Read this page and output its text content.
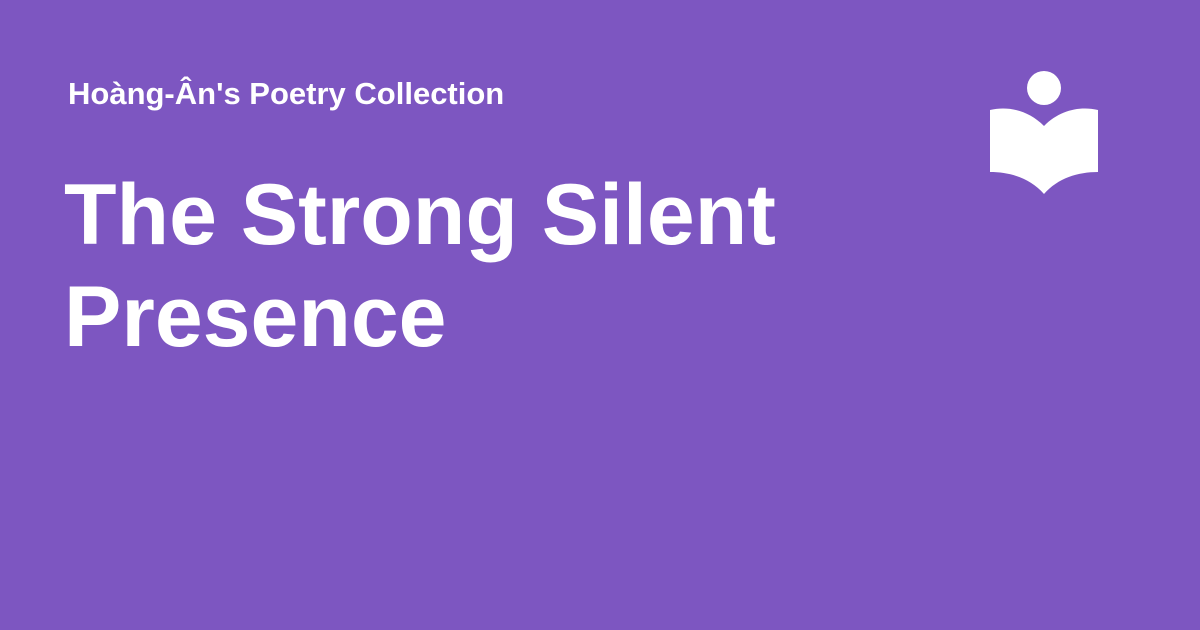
Hoàng-Ân's Poetry Collection
The Strong Silent Presence
